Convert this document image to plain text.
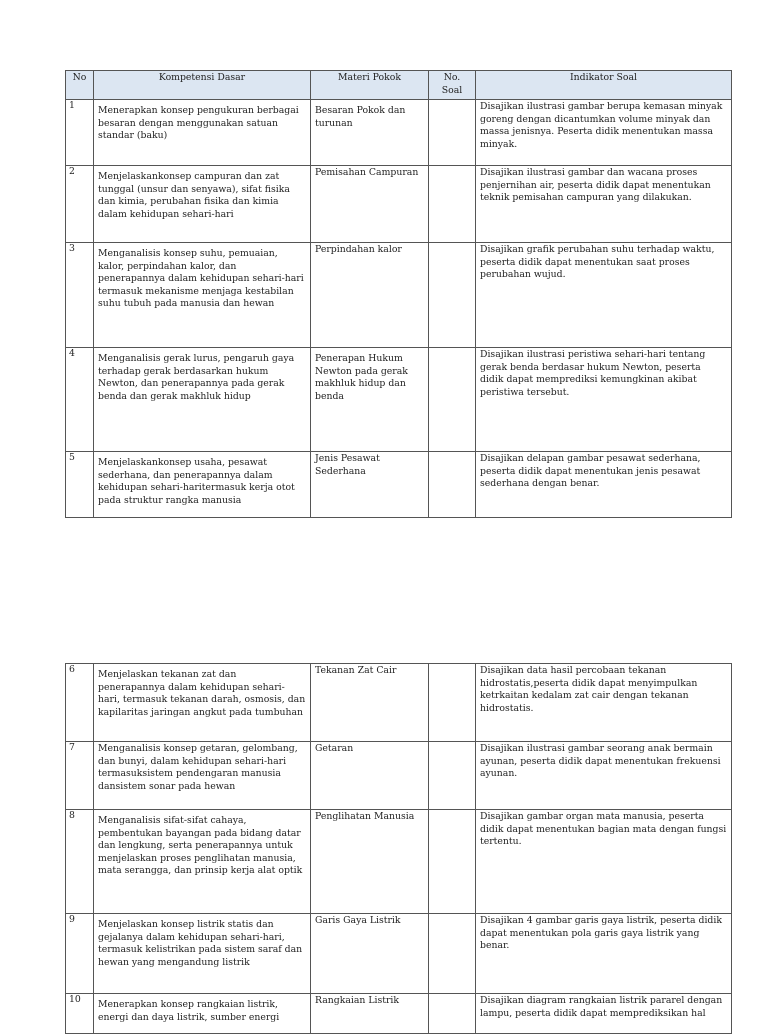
No	Kompetensi Dasar	Materi Pokok	No. Soal	Indikator Soal
1	Menerapkan konsep pengukuran berbagai besaran dengan menggunakan satuan standar (baku)	Besaran Pokok dan turunan		Disajikan ilustrasi gambar berupa kemasan minyak goreng dengan dicantumkan volume minyak dan massa jenisnya. Peserta didik menentukan massa minyak.
2	Menjelaskankonsep campuran dan zat tunggal (unsur dan senyawa), sifat fisika dan kimia, perubahan fisika dan kimia dalam kehidupan sehari-hari	Pemisahan Campuran		Disajikan ilustrasi gambar dan wacana proses penjernihan air, peserta didik dapat menentukan teknik pemisahan campuran yang dilakukan.
3	Menganalisis konsep suhu, pemuaian, kalor, perpindahan kalor, dan penerapannya dalam kehidupan sehari-hari termasuk mekanisme menjaga kestabilan suhu tubuh pada manusia dan hewan	Perpindahan kalor		Disajikan grafik perubahan suhu terhadap waktu, peserta didik dapat menentukan saat proses perubahan wujud.
4	Menganalisis gerak lurus, pengaruh gaya terhadap gerak berdasarkan hukum Newton, dan penerapannya pada gerak benda dan gerak makhluk hidup	Penerapan Hukum Newton pada gerak makhluk hidup dan benda		Disajikan ilustrasi peristiwa sehari-hari tentang gerak benda berdasar hukum Newton, peserta didik dapat memprediksi kemungkinan akibat peristiwa tersebut.
5	Menjelaskankonsep usaha, pesawat sederhana, dan penerapannya dalam kehidupan sehari-haritermasuk kerja otot pada struktur rangka manusia	Jenis Pesawat Sederhana		Disajikan delapan gambar pesawat sederhana, peserta didik dapat menentukan jenis pesawat sederhana dengan benar.
6	Menjelaskan tekanan zat dan penerapannya dalam kehidupan sehari-hari, termasuk tekanan darah, osmosis, dan kapilaritas jaringan angkut pada tumbuhan	Tekanan Zat Cair		Disajikan data hasil percobaan tekanan hidrostatis,peserta didik dapat menyimpulkan ketrkaitan kedalam zat cair dengan tekanan hidrostatis.
7	Menganalisis konsep getaran, gelombang, dan bunyi, dalam kehidupan sehari-hari termasuksistem pendengaran manusia dansistem sonar pada hewan	Getaran		Disajikan ilustrasi gambar seorang anak bermain ayunan, peserta didik dapat menentukan frekuensi ayunan.
8	Menganalisis sifat-sifat cahaya, pembentukan bayangan pada bidang datar dan lengkung, serta penerapannya untuk menjelaskan proses penglihatan manusia, mata serangga, dan prinsip kerja alat optik	Penglihatan Manusia		Disajikan gambar organ mata manusia, peserta didik dapat menentukan bagian mata dengan fungsi tertentu.
9	Menjelaskan konsep listrik statis dan gejalanya dalam kehidupan sehari-hari, termasuk kelistrikan pada sistem saraf dan hewan yang mengandung listrik	Garis Gaya Listrik		Disajikan 4 gambar garis gaya listrik, peserta didik dapat menentukan pola garis gaya listrik yang benar.
10	Menerapkan konsep rangkaian listrik, energi dan daya listrik, sumber energi	Rangkaian Listrik		Disajikan diagram rangkaian listrik pararel dengan lampu, peserta didik dapat memprediksikan hal
